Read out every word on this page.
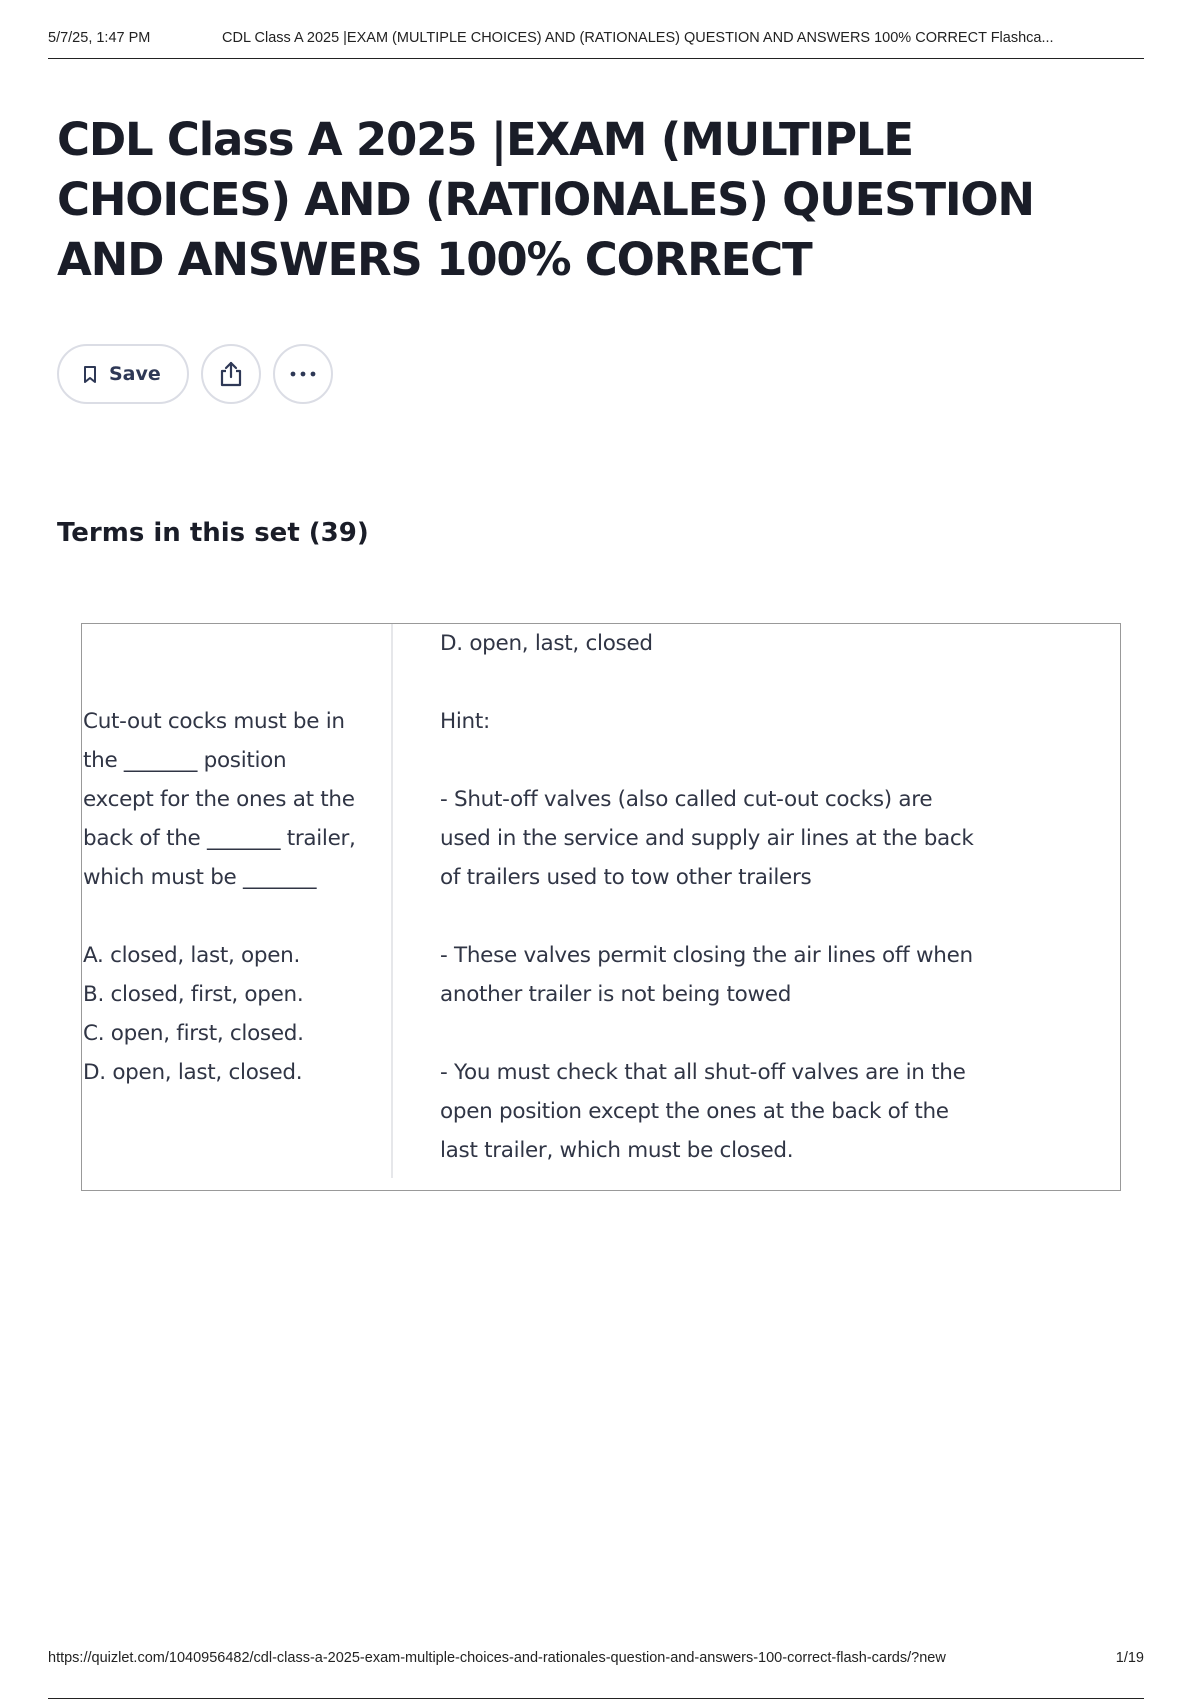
5/7/25, 1:47 PM	CDL Class A 2025 |EXAM (MULTIPLE CHOICES) AND (RATIONALES) QUESTION AND ANSWERS 100% CORRECT Flashca...
CDL Class A 2025 |EXAM (MULTIPLE CHOICES) AND (RATIONALES) QUESTION AND ANSWERS 100% CORRECT
Save
Terms in this set (39)
Cut-out cocks must be in
the _______ position
except for the ones at the
back of the _______ trailer,
which must be _______
A. closed, last, open.
B. closed, first, open.
C. open, first, closed.
D. open, last, closed.
D. open, last, closed
Hint:
- Shut-off valves (also called cut-out cocks) are
used in the service and supply air lines at the back
of trailers used to tow other trailers
- These valves permit closing the air lines off when
another trailer is not being towed
- You must check that all shut-off valves are in the
open position except the ones at the back of the
last trailer, which must be closed.
https://quizlet.com/1040956482/cdl-class-a-2025-exam-multiple-choices-and-rationales-question-and-answers-100-correct-flash-cards/?new	1/19
